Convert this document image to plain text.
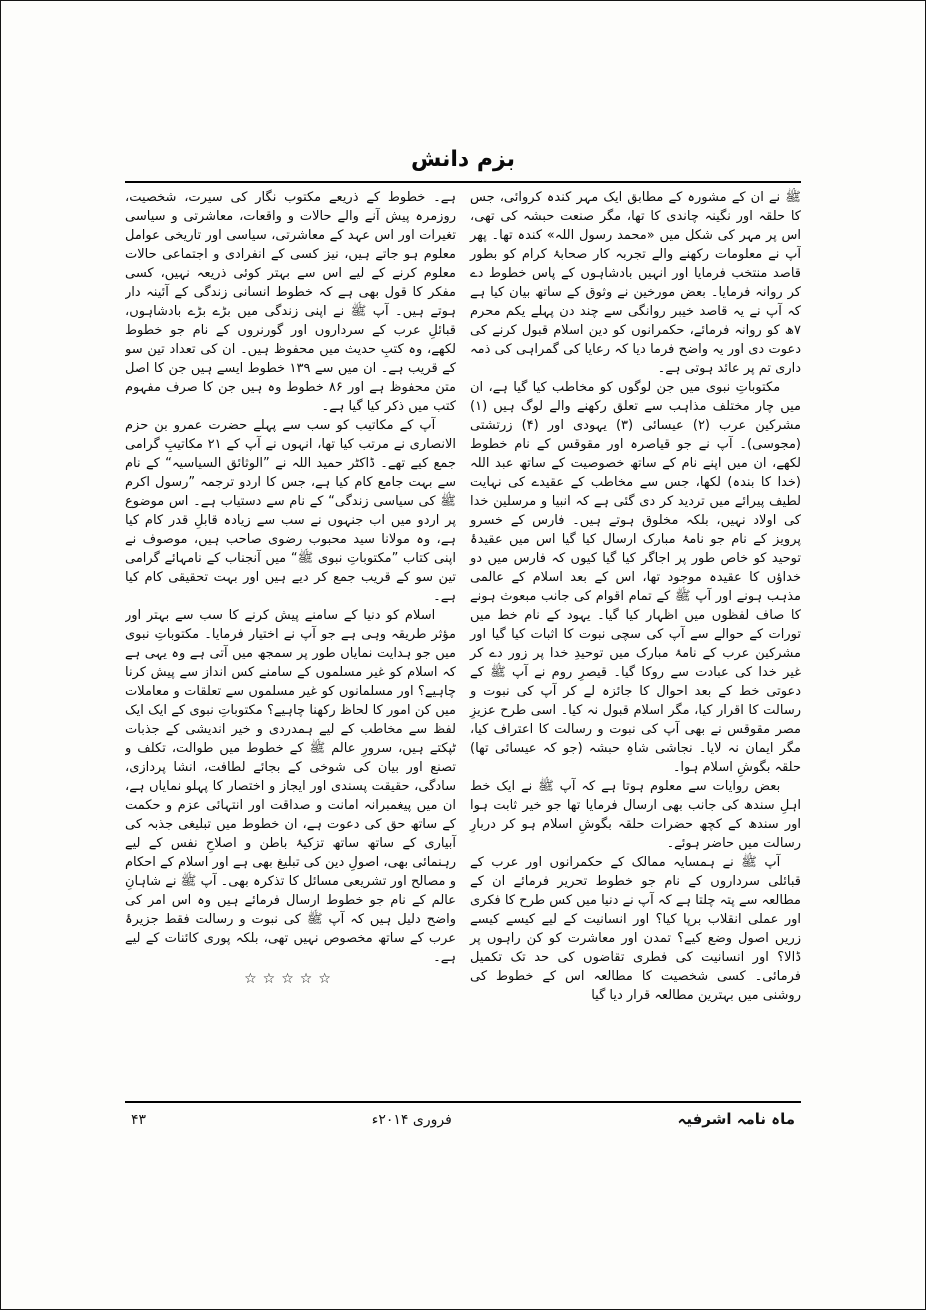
بزم دانش

ﷺ نے ان کے مشورہ کے مطابق ایک مہر کندہ کروائی، جس کا حلقہ اور نگینہ چاندی کا تھا، مگر صنعت حبشہ کی تھی، اس پر مہر کی شکل میں «محمد رسول اللہ» کندہ تھا۔ پھر آپ نے معلومات رکھنے والے تجربہ کار صحابۂ کرام کو بطور قاصد منتخب فرمایا اور انہیں بادشاہوں کے پاس خطوط دے کر روانہ فرمایا۔ بعض مورخین نے وثوق کے ساتھ بیان کیا ہے کہ آپ نے یہ قاصد خیبر روانگی سے چند دن پہلے یکم محرم ۷ھ کو روانہ فرمائے، حکمرانوں کو دین اسلام قبول کرنے کی دعوت دی اور یہ واضح فرما دیا کہ رعایا کی گمراہی کی ذمہ داری تم پر عائد ہوتی ہے۔

مکتوباتِ نبوی میں جن لوگوں کو مخاطب کیا گیا ہے، ان میں چار مختلف مذاہب سے تعلق رکھنے والے لوگ ہیں (۱) مشرکین عرب (۲) عیسائی (۳) یہودی اور (۴) زرتشتی (مجوسی)۔ آپ نے جو قیاصرہ اور مقوقس کے نام خطوط لکھے، ان میں اپنے نام کے ساتھ خصوصیت کے ساتھ عبد اللہ (خدا کا بندہ) لکھا، جس سے مخاطب کے عقیدے کی نہایت لطیف پیرائے میں تردید کر دی گئی ہے کہ انبیا و مرسلین خدا کی اولاد نہیں، بلکہ مخلوق ہوتے ہیں۔ فارس کے خسرو پرویز کے نام جو نامۂ مبارک ارسال کیا گیا اس میں عقیدۂ توحید کو خاص طور پر اجاگر کیا گیا کیوں کہ فارس میں دو خداؤں کا عقیدہ موجود تھا، اس کے بعد اسلام کے عالمی مذہب ہونے اور آپ ﷺ کے تمام اقوام کی جانب مبعوث ہونے کا صاف لفظوں میں اظہار کیا گیا۔ یہود کے نام خط میں تورات کے حوالے سے آپ کی سچی نبوت کا اثبات کیا گیا اور مشرکین عرب کے نامۂ مبارک میں توحیدِ خدا پر زور دے کر غیر خدا کی عبادت سے روکا گیا۔ قیصرِ روم نے آپ ﷺ کے دعوتی خط کے بعد احوال کا جائزہ لے کر آپ کی نبوت و رسالت کا اقرار کیا، مگر اسلام قبول نہ کیا۔ اسی طرح عزیزِ مصر مقوقس نے بھی آپ کی نبوت و رسالت کا اعتراف کیا، مگر ایمان نہ لایا۔ نجاشی شاہِ حبشہ (جو کہ عیسائی تھا) حلقہ بگوشِ اسلام ہوا۔

بعض روایات سے معلوم ہوتا ہے کہ آپ ﷺ نے ایک خط اہلِ سندھ کی جانب بھی ارسال فرمایا تھا جو خیر ثابت ہوا اور سندھ کے کچھ حضرات حلقہ بگوشِ اسلام ہو کر دربارِ رسالت میں حاضر ہوئے۔

آپ ﷺ نے ہمسایہ ممالک کے حکمرانوں اور عرب کے قبائلی سرداروں کے نام جو خطوط تحریر فرمائے ان کے مطالعہ سے پتہ چلتا ہے کہ آپ نے دنیا میں کس طرح کا فکری اور عملی انقلاب برپا کیا؟ اور انسانیت کے لیے کیسے کیسے زریں اصول وضع کیے؟ تمدن اور معاشرت کو کن راہوں پر ڈالا؟ اور انسانیت کی فطری تقاضوں کی حد تک تکمیل فرمائی۔ کسی شخصیت کا مطالعہ اس کے خطوط کی روشنی میں بہترین مطالعہ قرار دیا گیا

ہے۔ خطوط کے ذریعے مکتوب نگار کی سیرت، شخصیت، روزمرہ پیش آنے والے حالات و واقعات، معاشرتی و سیاسی تغیرات اور اس عہد کے معاشرتی، سیاسی اور تاریخی عوامل معلوم ہو جاتے ہیں، نیز کسی کے انفرادی و اجتماعی حالات معلوم کرنے کے لیے اس سے بہتر کوئی ذریعہ نہیں، کسی مفکر کا قول بھی ہے کہ خطوط انسانی زندگی کے آئینہ دار ہوتے ہیں۔ آپ ﷺ نے اپنی زندگی میں بڑے بڑے بادشاہوں، قبائلِ عرب کے سرداروں اور گورنروں کے نام جو خطوط لکھے، وہ کتبِ حدیث میں محفوظ ہیں۔ ان کی تعداد تین سو کے قریب ہے۔ ان میں سے ۱۳۹ خطوط ایسے ہیں جن کا اصل متن محفوظ ہے اور ۸۶ خطوط وہ ہیں جن کا صرف مفہوم کتب میں ذکر کیا گیا ہے۔

آپ کے مکاتیب کو سب سے پہلے حضرت عمرو بن حزم الانصاری نے مرتب کیا تھا، انہوں نے آپ کے ۲۱ مکاتیبِ گرامی جمع کیے تھے۔ ڈاکٹر حمید اللہ نے ”الوثائق السیاسیہ“ کے نام سے بہت جامع کام کیا ہے، جس کا اردو ترجمہ ”رسول اکرم ﷺ کی سیاسی زندگی“ کے نام سے دستیاب ہے۔ اس موضوع پر اردو میں اب جنہوں نے سب سے زیادہ قابلِ قدر کام کیا ہے، وہ مولانا سید محبوب رضوی صاحب ہیں، موصوف نے اپنی کتاب ”مکتوباتِ نبوی ﷺ“ میں آنجناب کے نامہائے گرامی تین سو کے قریب جمع کر دیے ہیں اور بہت تحقیقی کام کیا ہے۔

اسلام کو دنیا کے سامنے پیش کرنے کا سب سے بہتر اور مؤثر طریقہ وہی ہے جو آپ نے اختیار فرمایا۔ مکتوباتِ نبوی میں جو ہدایت نمایاں طور پر سمجھ میں آتی ہے وہ یہی ہے کہ اسلام کو غیر مسلموں کے سامنے کس انداز سے پیش کرنا چاہیے؟ اور مسلمانوں کو غیر مسلموں سے تعلقات و معاملات میں کن امور کا لحاظ رکھنا چاہیے؟ مکتوباتِ نبوی کے ایک ایک لفظ سے مخاطب کے لیے ہمدردی و خیر اندیشی کے جذبات ٹپکتے ہیں، سرورِ عالم ﷺ کے خطوط میں طوالت، تکلف و تصنع اور بیان کی شوخی کے بجائے لطافت، انشا پردازی، سادگی، حقیقت پسندی اور ایجاز و اختصار کا پہلو نمایاں ہے، ان میں پیغمبرانہ امانت و صداقت اور انتہائی عزم و حکمت کے ساتھ حق کی دعوت ہے، ان خطوط میں تبلیغی جذبہ کی آبیاری کے ساتھ ساتھ تزکیۂ باطن و اصلاحِ نفس کے لیے رہنمائی بھی، اصولِ دین کی تبلیغ بھی ہے اور اسلام کے احکام و مصالح اور تشریعی مسائل کا تذکرہ بھی۔ آپ ﷺ نے شاہانِ عالم کے نام جو خطوط ارسال فرمائے ہیں وہ اس امر کی واضح دلیل ہیں کہ آپ ﷺ کی نبوت و رسالت فقط جزیرۂ عرب کے ساتھ مخصوص نہیں تھی، بلکہ پوری کائنات کے لیے ہے۔

☆☆☆☆☆
ماہ نامہ اشرفیہ
فروری ۲۰۱۴ء
۴۳
